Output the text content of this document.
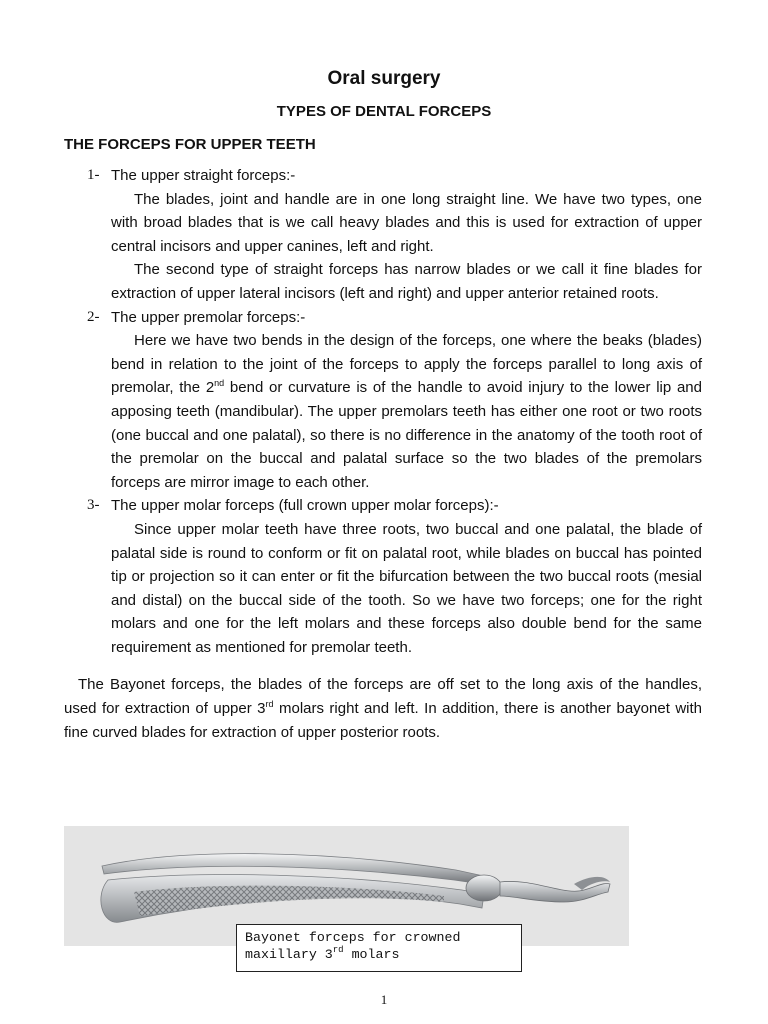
Oral surgery
TYPES OF DENTAL FORCEPS
THE FORCEPS FOR UPPER TEETH
1- The upper straight forceps:-

The blades, joint and handle are in one long straight line. We have two types, one with broad blades that is we call heavy blades and this is used for extraction of upper central incisors and upper canines, left and right.

The second type of straight forceps has narrow blades or we call it fine blades for extraction of upper lateral incisors (left and right) and upper anterior retained roots.

2- The upper premolar forceps:-

Here we have two bends in the design of the forceps, one where the beaks (blades) bend in relation to the joint of the forceps to apply the forceps parallel to long axis of premolar, the 2nd bend or curvature is of the handle to avoid injury to the lower lip and apposing teeth (mandibular). The upper premolars teeth has either one root or two roots (one buccal and one palatal), so there is no difference in the anatomy of the tooth root of the premolar on the buccal and palatal surface so the two blades of the premolars forceps are mirror image to each other.

3- The upper molar forceps (full crown upper molar forceps):-

Since upper molar teeth have three roots, two buccal and one palatal, the blade of palatal side is round to conform or fit on palatal root, while blades on buccal has pointed tip or projection so it can enter or fit the bifurcation between the two buccal roots (mesial and distal) on the buccal side of the tooth. So we have two forceps; one for the right molars and one for the left molars and these forceps also double bend for the same requirement as mentioned for premolar teeth.

The Bayonet forceps, the blades of the forceps are off set to the long axis of the handles, used for extraction of upper 3rd molars right and left. In addition, there is another bayonet with fine curved blades for extraction of upper posterior roots.

Bayonet forceps for crowned
maxillary 3rd molars
1
